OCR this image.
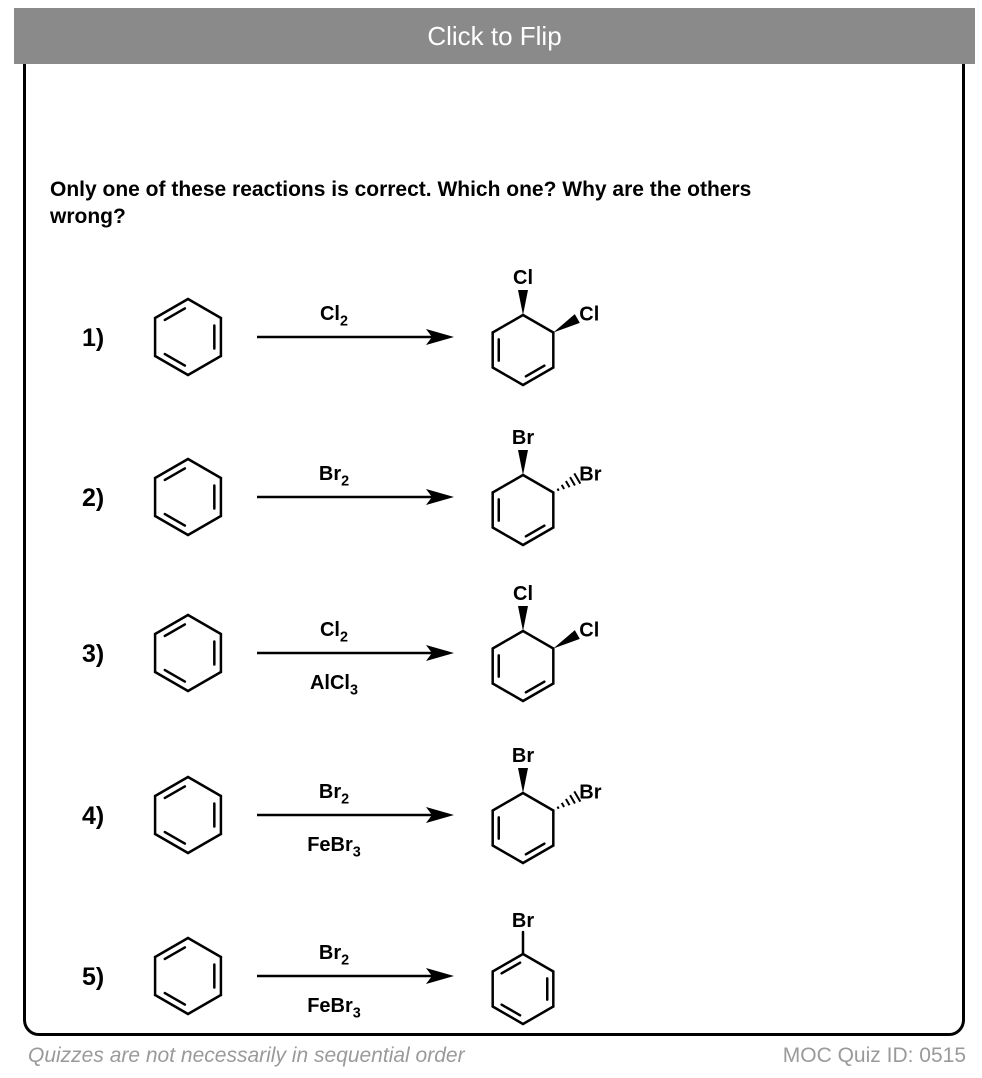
Click to Flip
Only one of these reactions is correct. Which one? Why are the others wrong?
1)
$Cl_2$
Cl
Cl
2)
$Br_2$
Br
Br
3)
$Cl_2$
AlCl$_3$
Cl
Cl
4)
$Br_2$
FeBr$_3$
Br
Br
5)
$Br_2$
FeBr$_3$
Br
Quizzes are not necessarily in sequential order	MOC Quiz ID: 0515
